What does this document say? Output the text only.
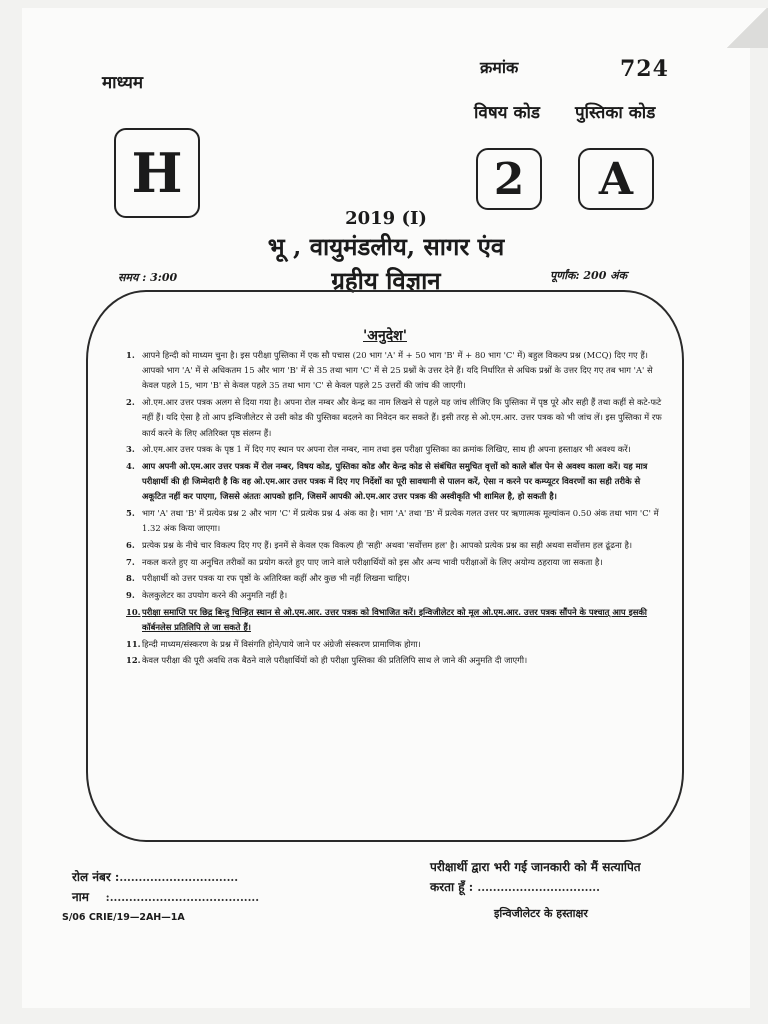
माध्यम
क्रमांक	724
विषय कोड पुस्तिका कोड
H	2 A
2019 (I)
भू , वायुमंडलीय, सागर एंव
ग्रहीय विज्ञान
समय : 3:00	पूर्णांक: 200 अंक
'अनुदेश'
1. आपने हिन्दी को माध्यम चुना है। इस परीक्षा पुस्तिका में एक सौ पचास (20 भाग 'A' में + 50 भाग 'B' में + 80 भाग 'C' में) बहुल विकल्प प्रश्न (MCQ) दिए गए हैं। आपको भाग 'A' में से अधिकतम 15 और भाग 'B' में से 35 तथा भाग 'C' में से 25 प्रश्नों के उत्तर देने हैं। यदि निर्धारित से अधिक प्रश्नों के उत्तर दिए गए तब भाग 'A' से केवल पहले 15, भाग 'B' से केवल पहले 35 तथा भाग 'C' से केवल पहले 25 उत्तरों की जांच की जाएगी।
2. ओ.एम.आर उत्तर पत्रक अलग से दिया गया है। अपना रोल नम्बर और केन्द्र का नाम लिखने से पहले यह जांच लीजिए कि पुस्तिका में पृष्ठ पूरे और सही हैं तथा कहीं से कटे-फटे नहीं हैं। यदि ऐसा है तो आप इन्विजीलेटर से उसी कोड की पुस्तिका बदलने का निवेदन कर सकते हैं। इसी तरह से ओ.एम.आर. उत्तर पत्रक को भी जांच लें। इस पुस्तिका में रफ कार्य करने के लिए अतिरिक्त पृष्ठ संलग्न हैं।
3. ओ.एम.आर उत्तर पत्रक के पृष्ठ 1 में दिए गए स्थान पर अपना रोल नम्बर, नाम तथा इस परीक्षा पुस्तिका का क्रमांक लिखिए, साथ ही अपना हस्ताक्षर भी अवश्य करें।
4. आप अपनी ओ.एम.आर उत्तर पत्रक में रोल नम्बर, विषय कोड, पुस्तिका कोड और केन्द्र कोड से संबंधित समुचित वृत्तों को काले बॉल पेन से अवश्य काला करें। यह मात्र परीक्षार्थी की ही जिम्मेदारी है कि वह ओ.एम.आर उत्तर पत्रक में दिए गए निर्देशों का पूरी सावधानी से पालन करें, ऐसा न करने पर कम्प्यूटर विवरणों का सही तरीके से अकूटित नहीं कर पाएगा, जिससे अंततः आपको हानि, जिसमें आपकी ओ.एम.आर उत्तर पत्रक की अस्वीकृति भी शामिल है, हो सकती है।
5. भाग 'A' तथा 'B' में प्रत्येक प्रश्न 2 और भाग 'C' में प्रत्येक प्रश्न 4 अंक का है। भाग 'A' तथा 'B' में प्रत्येक गलत उत्तर पर ऋणात्मक मूल्यांकन 0.50 अंक तथा भाग 'C' में 1.32 अंक किया जाएगा।
6. प्रत्येक प्रश्न के नीचे चार विकल्प दिए गए हैं। इनमें से केवल एक विकल्प ही 'सही' अथवा 'सर्वोत्तम हल' है। आपको प्रत्येक प्रश्न का सही अथवा सर्वोत्तम हल ढूंढना है।
7. नकल करते हुए या अनुचित तरीकों का प्रयोग करते हुए पाए जाने वाले परीक्षार्थियों को इस और अन्य भावी परीक्षाओं के लिए अयोग्य ठहराया जा सकता है।
8. परीक्षार्थी को उत्तर पत्रक या रफ पृष्ठों के अतिरिक्त कहीं और कुछ भी नहीं लिखना चाहिए।
9. केलकुलेटर का उपयोग करने की अनुमति नहीं है।
10. परीक्षा समाप्ति पर छिद्र बिन्दु चिन्हित स्थान से ओ.एम.आर. उत्तर पत्रक को विभाजित करें। इन्विजीलेटर को मूल ओ.एम.आर. उत्तर पत्रक सौंपने के पश्चात् आप इसकी कॉर्बनलेस प्रतिलिपि ले जा सकते हैं।
11. हिन्दी माध्यम/संस्करण के प्रश्न में विसंगति होने/पाये जाने पर अंग्रेजी संस्करण प्रामाणिक होगा।
12. केवल परीक्षा की पूरी अवधि तक बैठने वाले परीक्षार्थियों को ही परीक्षा पुस्तिका की प्रतिलिपि साथ ले जाने की अनुमति दी जाएगी।
रोल नंबर :...............................
नाम :.......................................
परीक्षार्थी द्वारा भरी गई जानकारी को मैं सत्यापित
करता हूँ : ................................
इन्विजीलेटर के हस्ताक्षर
S/06 CRIE/19—2AH—1A
